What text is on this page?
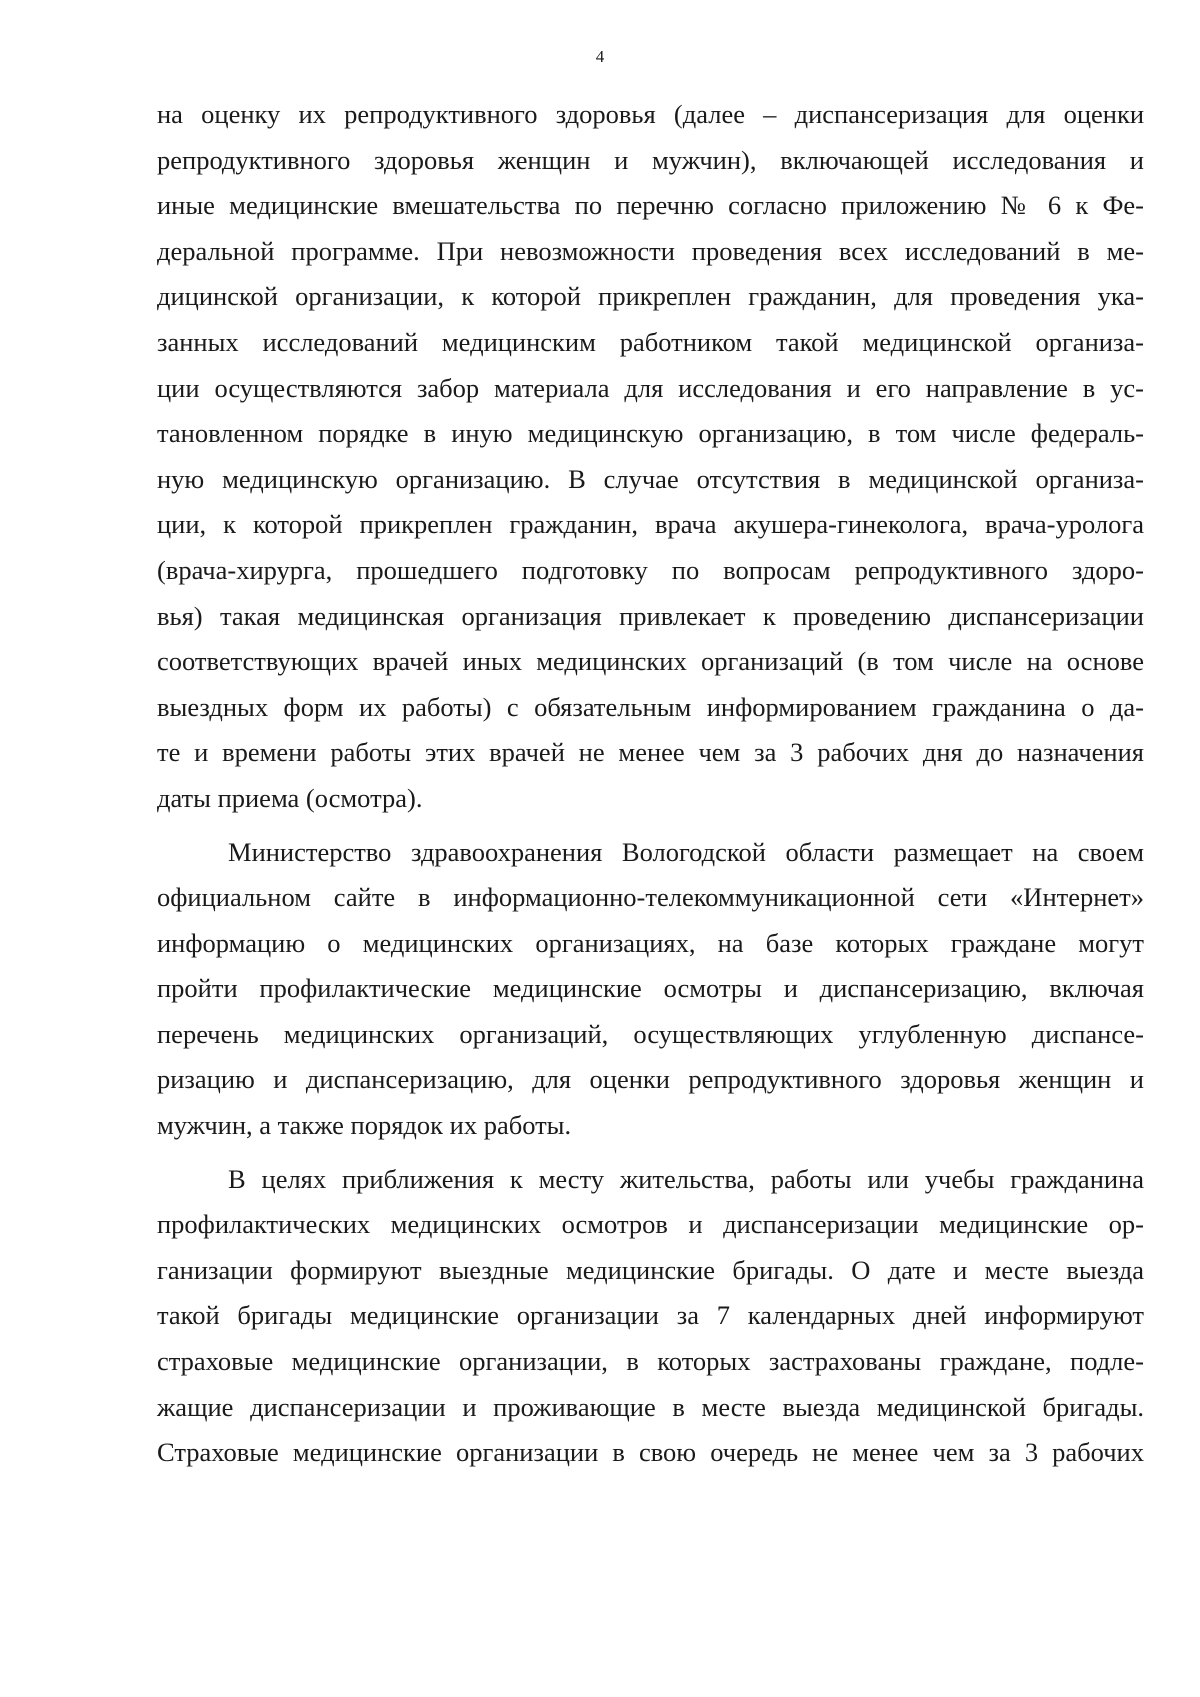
4
на оценку их репродуктивного здоровья (далее – диспансеризация для оценки
репродуктивного здоровья женщин и мужчин), включающей исследования и
иные медицинские вмешательства по перечню согласно приложению № 6 к Фе-
деральной программе. При невозможности проведения всех исследований в ме-
дицинской организации, к которой прикреплен гражданин, для проведения ука-
занных исследований медицинским работником такой медицинской организа-
ции осуществляются забор материала для исследования и его направление в ус-
тановленном порядке в иную медицинскую организацию, в том числе федераль-
ную медицинскую организацию. В случае отсутствия в медицинской организа-
ции, к которой прикреплен гражданин, врача акушера-гинеколога, врача-уролога
(врача-хирурга, прошедшего подготовку по вопросам репродуктивного здоро-
вья) такая медицинская организация привлекает к проведению диспансеризации
соответствующих врачей иных медицинских организаций (в том числе на основе
выездных форм их работы) с обязательным информированием гражданина о да-
те и времени работы этих врачей не менее чем за 3 рабочих дня до назначения
даты приема (осмотра).
Министерство здравоохранения Вологодской области размещает на своем
официальном сайте в информационно-телекоммуникационной сети «Интернет»
информацию о медицинских организациях, на базе которых граждане могут
пройти профилактические медицинские осмотры и диспансеризацию, включая
перечень медицинских организаций, осуществляющих углубленную диспансе-
ризацию и диспансеризацию, для оценки репродуктивного здоровья женщин и
мужчин, а также порядок их работы.
В целях приближения к месту жительства, работы или учебы гражданина
профилактических медицинских осмотров и диспансеризации медицинские ор-
ганизации формируют выездные медицинские бригады. О дате и месте выезда
такой бригады медицинские организации за 7 календарных дней информируют
страховые медицинские организации, в которых застрахованы граждане, подле-
жащие диспансеризации и проживающие в месте выезда медицинской бригады.
Страховые медицинские организации в свою очередь не менее чем за 3 рабочих
